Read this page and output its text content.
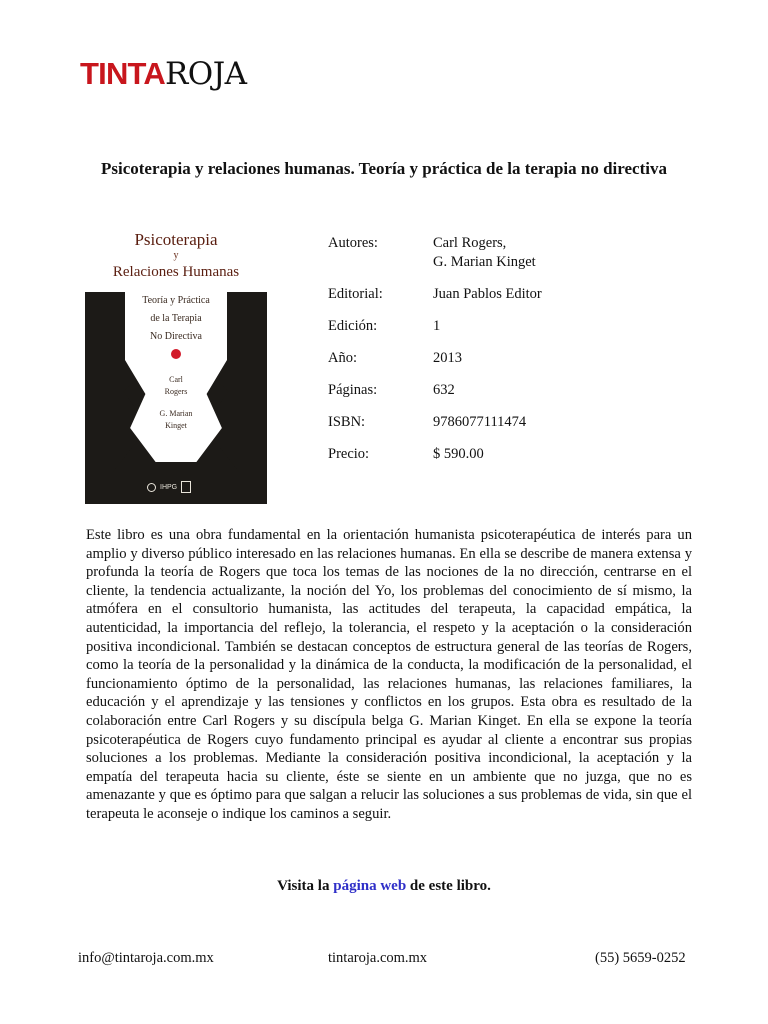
TINTAROJA
Psicoterapia y relaciones humanas. Teoría y práctica de la terapia no directiva
Psicoterapia
y
Relaciones Humanas
Teoría y Práctica
de la Terapia
No Directiva
Carl
Rogers
G. Marian
Kinget
IHPG
Autores:	Carl Rogers,
G. Marian Kinget
Editorial:	Juan Pablos Editor
Edición:	1
Año:	2013
Páginas:	632
ISBN:	9786077111474
Precio:	$ 590.00
Este libro es una obra fundamental en la orientación humanista psicoterapéutica de interés para un amplio y diverso público interesado en las relaciones humanas. En ella se describe de manera extensa y profunda la teoría de Rogers que toca los temas de las nociones de la no dirección, centrarse en el cliente, la tendencia actualizante, la noción del Yo, los problemas del conocimiento de sí mismo, la atmófera en el consultorio humanista, las actitudes del terapeuta, la capacidad empática, la autenticidad, la importancia del reflejo, la tolerancia, el respeto y la aceptación o la consideración positiva incondicional. También se destacan conceptos de estructura general de las teorías de Rogers, como la teoría de la personalidad y la dinámica de la conducta, la modificación de la personalidad, el funcionamiento óptimo de la personalidad, las relaciones humanas, las relaciones familiares, la educación y el aprendizaje y las tensiones y conflictos en los grupos. Esta obra es resultado de la colaboración entre Carl Rogers y su discípula belga G. Marian Kinget. En ella se expone la teoría psicoterapéutica de Rogers cuyo fundamento principal es ayudar al cliente a encontrar sus propias soluciones a los problemas. Mediante la consideración positiva incondicional, la aceptación y la empatía del terapeuta hacia su cliente, éste se siente en un ambiente que no juzga, que no es amenazante y que es óptimo para que salgan a relucir las soluciones a sus problemas de vida, sin que el terapeuta le aconseje o indique los caminos a seguir.
Visita la página web de este libro.
info@tintaroja.com.mx	tintaroja.com.mx	(55) 5659-0252
